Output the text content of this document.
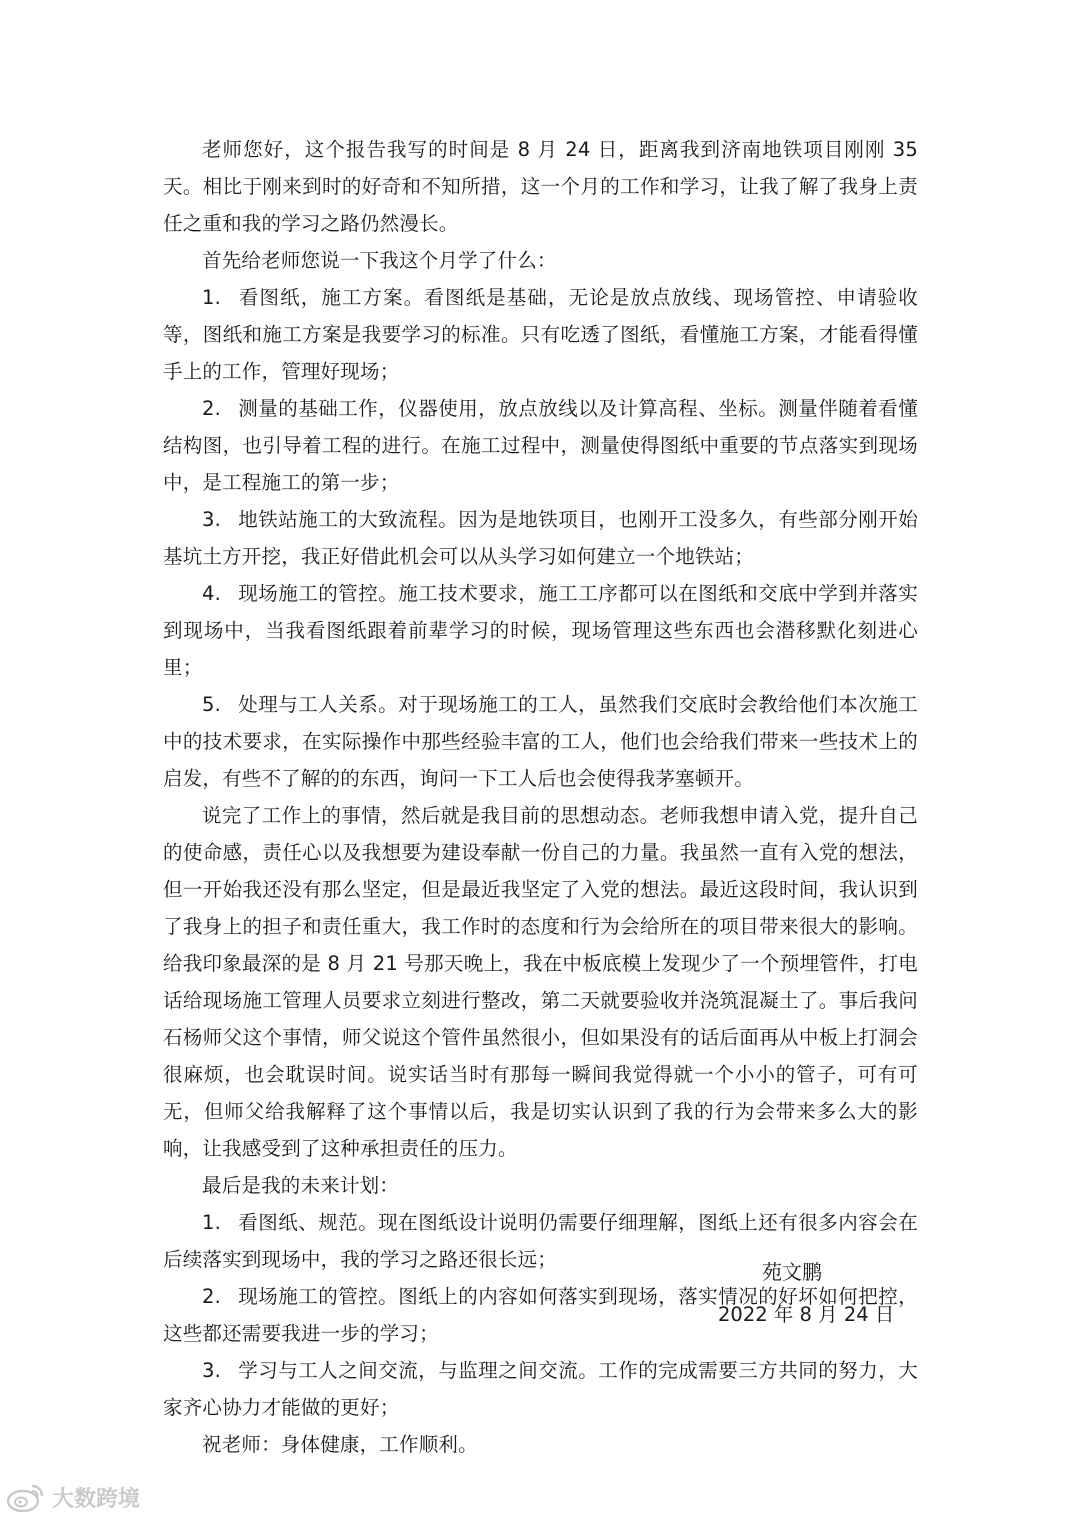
老师您好，这个报告我写的时间是 8 月 24 日，距离我到济南地铁项目刚刚 35 天。相比于刚来到时的好奇和不知所措，这一个月的工作和学习，让我了解了我身上责任之重和我的学习之路仍然漫长。

首先给老师您说一下我这个月学了什么：

1. 看图纸，施工方案。看图纸是基础，无论是放点放线、现场管控、申请验收等，图纸和施工方案是我要学习的标准。只有吃透了图纸，看懂施工方案，才能看得懂手上的工作，管理好现场；

2. 测量的基础工作，仪器使用，放点放线以及计算高程、坐标。测量伴随着看懂结构图，也引导着工程的进行。在施工过程中，测量使得图纸中重要的节点落实到现场中，是工程施工的第一步；

3. 地铁站施工的大致流程。因为是地铁项目，也刚开工没多久，有些部分刚开始基坑土方开挖，我正好借此机会可以从头学习如何建立一个地铁站；

4. 现场施工的管控。施工技术要求，施工工序都可以在图纸和交底中学到并落实到现场中，当我看图纸跟着前辈学习的时候，现场管理这些东西也会潜移默化刻进心里；

5. 处理与工人关系。对于现场施工的工人，虽然我们交底时会教给他们本次施工中的技术要求，在实际操作中那些经验丰富的工人，他们也会给我们带来一些技术上的启发，有些不了解的的东西，询问一下工人后也会使得我茅塞顿开。

说完了工作上的事情，然后就是我目前的思想动态。老师我想申请入党，提升自己的使命感，责任心以及我想要为建设奉献一份自己的力量。我虽然一直有入党的想法，但一开始我还没有那么坚定，但是最近我坚定了入党的想法。最近这段时间，我认识到了我身上的担子和责任重大，我工作时的态度和行为会给所在的项目带来很大的影响。给我印象最深的是 8 月 21 号那天晚上，我在中板底模上发现少了一个预埋管件，打电话给现场施工管理人员要求立刻进行整改，第二天就要验收并浇筑混凝土了。事后我问石杨师父这个事情，师父说这个管件虽然很小，但如果没有的话后面再从中板上打洞会很麻烦，也会耽误时间。说实话当时有那每一瞬间我觉得就一个小小的管子，可有可无，但师父给我解释了这个事情以后，我是切实认识到了我的行为会带来多么大的影响，让我感受到了这种承担责任的压力。

最后是我的未来计划：

1. 看图纸、规范。现在图纸设计说明仍需要仔细理解，图纸上还有很多内容会在后续落实到现场中，我的学习之路还很长远；

2. 现场施工的管控。图纸上的内容如何落实到现场，落实情况的好坏如何把控，这些都还需要我进一步的学习；

3. 学习与工人之间交流，与监理之间交流。工作的完成需要三方共同的努力，大家齐心协力才能做的更好；

祝老师：身体健康，工作顺利。

苑文鹏
2022 年 8 月 24 日
大数跨境
